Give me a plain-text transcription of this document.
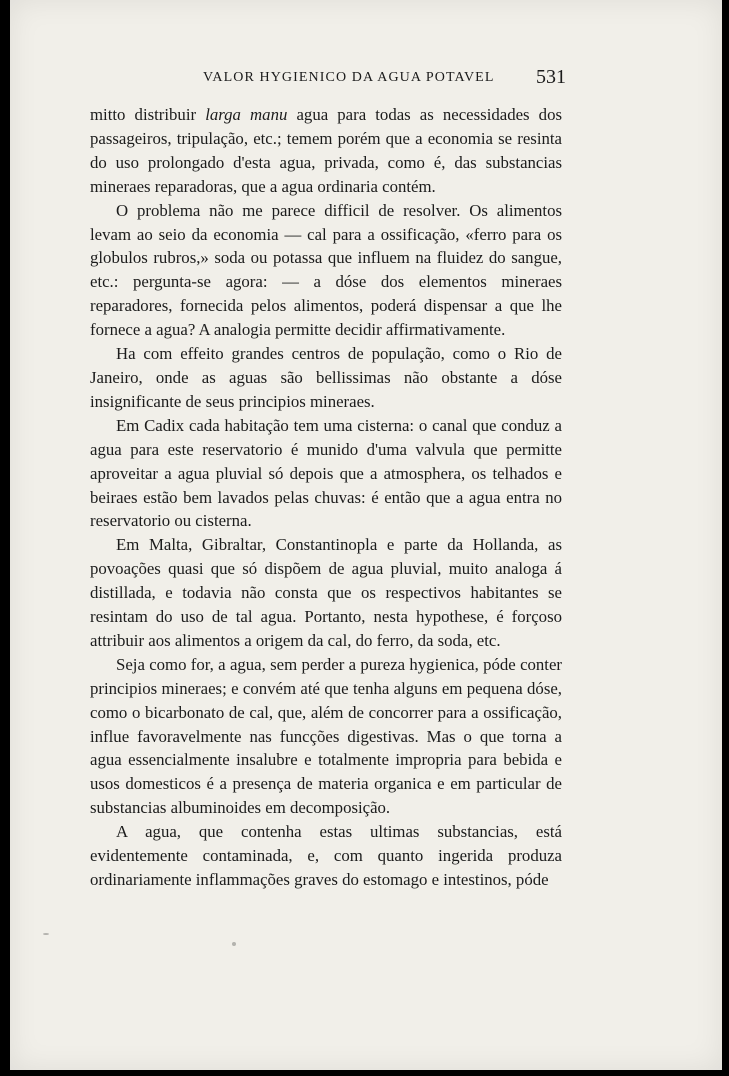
VALOR HYGIENICO DA AGUA POTAVEL 531

mitto distribuir larga manu agua para todas as necessidades dos passageiros, tripulação, etc.; temem porém que a economia se resinta do uso prolongado d'esta agua, privada, como é, das substancias mineraes reparadoras, que a agua ordinaria contém.

O problema não me parece difficil de resolver. Os alimentos levam ao seio da economia — cal para a ossificação, «ferro para os globulos rubros,» soda ou potassa que influem na fluidez do sangue, etc.: pergunta-se agora: — a dóse dos elementos mineraes reparadores, fornecida pelos alimentos, poderá dispensar a que lhe fornece a agua? A analogia permitte decidir affirmativamente.

Ha com effeito grandes centros de população, como o Rio de Janeiro, onde as aguas são bellissimas não obstante a dóse insignificante de seus principios mineraes.

Em Cadix cada habitação tem uma cisterna: o canal que conduz a agua para este reservatorio é munido d'uma valvula que permitte aproveitar a agua pluvial só depois que a atmosphera, os telhados e beiraes estão bem lavados pelas chuvas: é então que a agua entra no reservatorio ou cisterna.

Em Malta, Gibraltar, Constantinopla e parte da Hollanda, as povoações quasi que só dispõem de agua pluvial, muito analoga á distillada, e todavia não consta que os respectivos habitantes se resintam do uso de tal agua. Portanto, nesta hypothese, é forçoso attribuir aos alimentos a origem da cal, do ferro, da soda, etc.

Seja como for, a agua, sem perder a pureza hygienica, póde conter principios mineraes; e convém até que tenha alguns em pequena dóse, como o bicarbonato de cal, que, além de concorrer para a ossificação, influe favoravelmente nas funcções digestivas. Mas o que torna a agua essencialmente insalubre e totalmente impropria para bebida e usos domesticos é a presença de materia organica e em particular de substancias albuminoides em decomposição.

A agua, que contenha estas ultimas substancias, está evidentemente contaminada, e, com quanto ingerida produza ordinariamente inflammações graves do estomago e intestinos, póde
